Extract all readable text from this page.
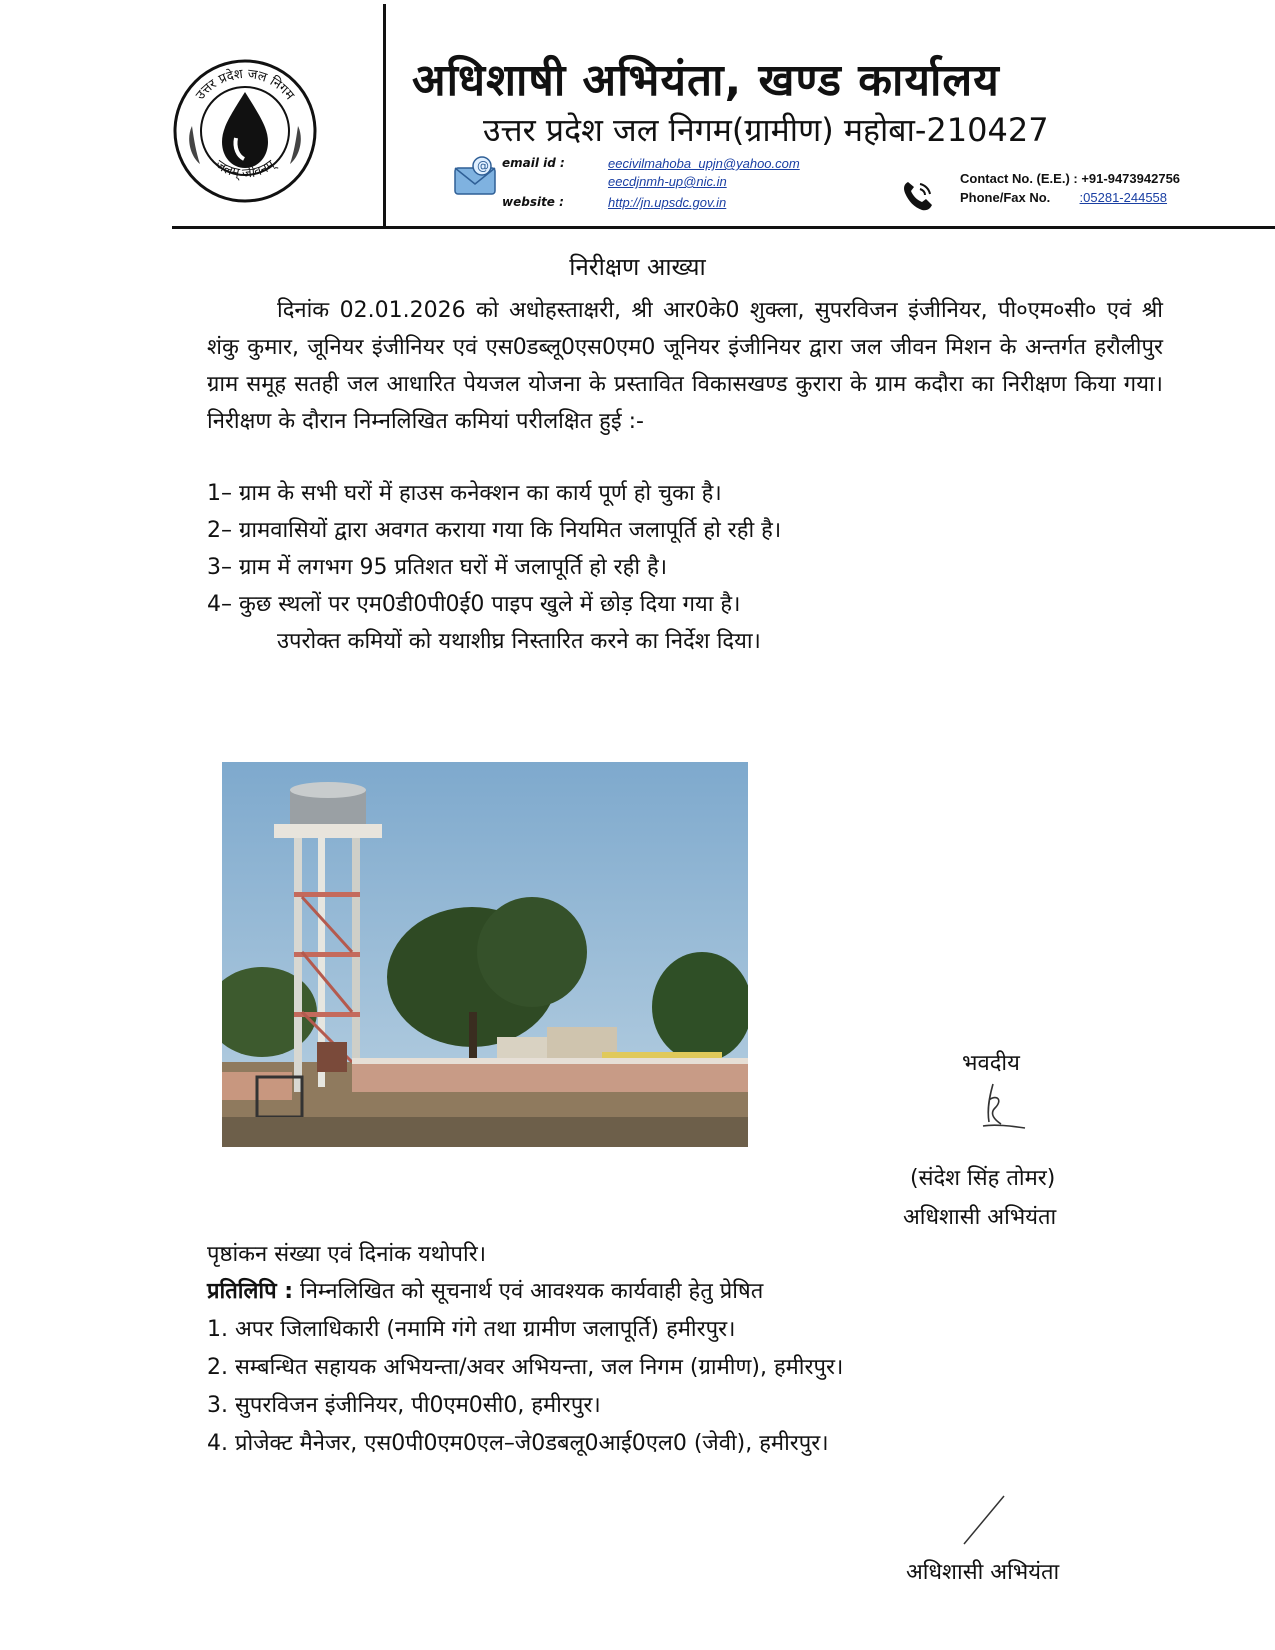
उत्तर प्रदेश जल निगम
जलम् जीवनम्
अधिशाषी अभियंता, खण्ड कार्यालय
उत्तर प्रदेश जल निगम(ग्रामीण) महोबा-210427
@ email id :	eecivilmahoba_upjn@yahoo.com
eecdjnmh-up@nic.in
website :	http://jn.upsdc.gov.in
Contact No. (E.E.) : +91-9473942756
Phone/Fax No. :05281-244558
निरीक्षण आख्या
दिनांक 02.01.2026 को अधोहस्ताक्षरी, श्री आर0के0 शुक्ला, सुपरविजन इंजीनियर, पी०एम०सी० एवं श्री शंकु कुमार, जूनियर इंजीनियर एवं एस0डब्लू0एस0एम0 जूनियर इंजीनियर द्वारा जल जीवन मिशन के अन्तर्गत हरौलीपुर ग्राम समूह सतही जल आधारित पेयजल योजना के प्रस्तावित विकासखण्ड कुरारा के ग्राम कदौरा का निरीक्षण किया गया। निरीक्षण के दौरान निम्नलिखित कमियां परीलक्षित हुई :-
1– ग्राम के सभी घरों में हाउस कनेक्शन का कार्य पूर्ण हो चुका है।
2– ग्रामवासियों द्वारा अवगत कराया गया कि नियमित जलापूर्ति हो रही है।
3– ग्राम में लगभग 95 प्रतिशत घरों में जलापूर्ति हो रही है।
4– कुछ स्थलों पर एम0डी0पी0ई0 पाइप खुले में छोड़ दिया गया है।
उपरोक्त कमियों को यथाशीघ्र निस्तारित करने का निर्देश दिया।
भवदीय
(संदेश सिंह तोमर)
अधिशासी अभियंता
पृष्ठांकन संख्या एवं दिनांक यथोपरि।
प्रतिलिपि : निम्नलिखित को सूचनार्थ एवं आवश्यक कार्यवाही हेतु प्रेषित
1. अपर जिलाधिकारी (नमामि गंगे तथा ग्रामीण जलापूर्ति) हमीरपुर।
2. सम्बन्धित सहायक अभियन्ता/अवर अभियन्ता, जल निगम (ग्रामीण), हमीरपुर।
3. सुपरविजन इंजीनियर, पी0एम0सी0, हमीरपुर।
4. प्रोजेक्ट मैनेजर, एस0पी0एम0एल–जे0डबलू0आई0एल0 (जेवी), हमीरपुर।
अधिशासी अभियंता
